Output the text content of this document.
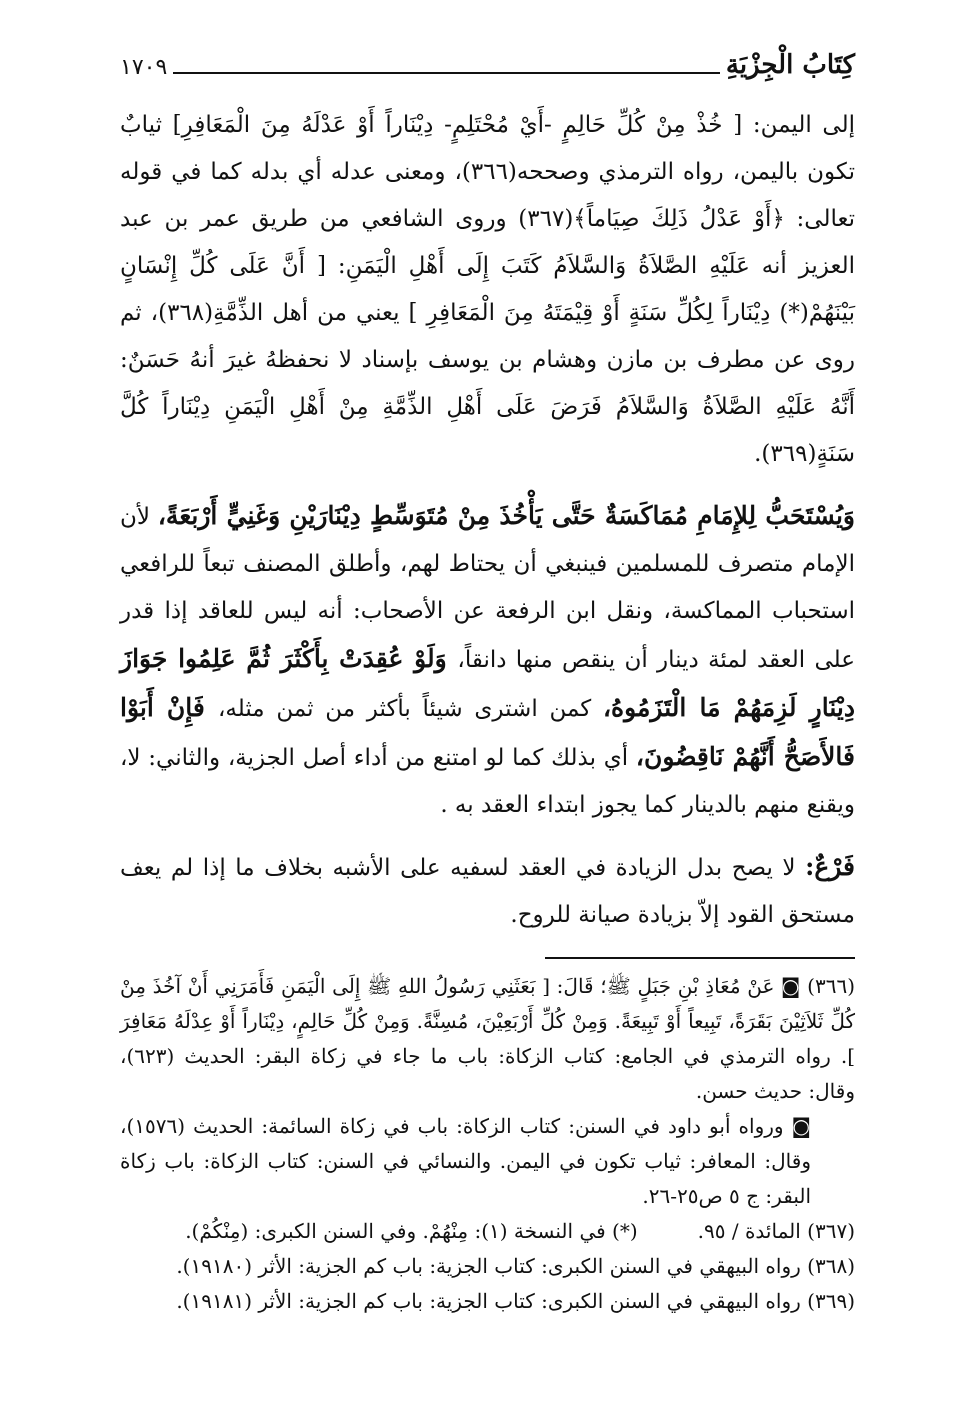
كِتَابُ الْجِزْيَةِ
١٧٠٩

إلى اليمن: [ خُذْ مِنْ كُلِّ حَالِمٍ -أَيْ مُحْتَلِمٍ- دِيْنَاراً أَوْ عَدْلَهُ مِنَ الْمَعَافِرِ] ثيابٌ تكون باليمن، رواه الترمذي وصححه(٣٦٦)، ومعنى عدله أي بدله كما في قوله تعالى: ﴿أَوْ عَدْلُ ذَلِكَ صِيَاماً﴾(٣٦٧) وروى الشافعي من طريق عمر بن عبد العزيز أنه عَلَيْهِ الصَّلاَةُ وَالسَّلاَمُ كَتَبَ إِلَى أَهْلِ الْيَمَنِ: [ أَنَّ عَلَى كُلِّ إِنْسَانٍ بَيْنَهُمْ(*) دِيْنَاراً لِكُلِّ سَنَةٍ أَوْ قِيْمَتَهُ مِنَ الْمَعَافِرِ ] يعني من أهل الذِّمَّةِ(٣٦٨)، ثم روى عن مطرف بن مازن وهشام بن يوسف بإسناد لا نحفظهُ غيرَ أنهُ حَسَنٌ: أَنَّهُ عَلَيْهِ الصَّلاَةُ وَالسَّلاَمُ فَرَضَ عَلَى أَهْلِ الذِّمَّةِ مِنْ أَهْلِ الْيَمَنِ دِيْنَاراً كُلَّ سَنَةٍ(٣٦٩).

وَيُسْتَحَبُّ لِلإِمَامِ مُمَاكَسَةٌ حَتَّى يَأْخُذَ مِنْ مُتَوَسِّطٍ دِيْنَارَيْنِ وَغَنِيٍّ أَرْبَعَةً، لأن الإمام متصرف للمسلمين فينبغي أن يحتاط لهم، وأطلق المصنف تبعاً للرافعي استحباب المماكسة، ونقل ابن الرفعة عن الأصحاب: أنه ليس للعاقد إذا قدر على العقد لمئة دينار أن ينقص منها دانقاً، وَلَوْ عُقِدَتْ بِأَكْثَرَ ثُمَّ عَلِمُوا جَوَازَ دِيْنَارٍ لَزِمَهُمْ مَا الْتَزَمُوهُ، كمن اشترى شيئاً بأكثر من ثمن مثله، فَإِنْ أَبَوْا فَالأَصَحُّ أَنَّهُمْ نَاقِضُونَ، أي بذلك كما لو امتنع من أداء أصل الجزية، والثاني: لا، ويقنع منهم بالدينار كما يجوز ابتداء العقد به .

فَرْعٌ: لا يصح بدل الزيادة في العقد لسفيه على الأشبه بخلاف ما إذا لم يعف مستحق القود إلاّ بزيادة صيانة للروح.

(٣٦٦) ◙ عَنْ مُعَاذِ بْنِ جَبَلٍ ﷺ؛ قَالَ: [ بَعَثَنِي رَسُولُ اللهِ ﷺ إِلَى الْيَمَنِ فَأَمَرَنِي أَنْ آخُذَ مِنْ كُلِّ ثَلاَثِيْنَ بَقَرَةً، تَبِيعاً أَوْ تَبِيعَةً. وَمِنْ كُلِّ أَرْبَعِيْنَ، مُسِنَّةً. وَمِنْ كُلِّ حَالِمٍ، دِيْنَاراً أَوْ عِدْلَهُ مَعَافِرَ ]. رواه الترمذي في الجامع: كتاب الزكاة: باب ما جاء في زكاة البقر: الحديث (٦٢٣)، وقال: حديث حسن.

◙ ورواه أبو داود في السنن: كتاب الزكاة: باب في زكاة السائمة: الحديث (١٥٧٦)، وقال: المعافر: ثياب تكون في اليمن. والنسائي في السنن: كتاب الزكاة: باب زكاة البقر: ج ٥ ص٢٥-٢٦.

(٣٦٧) المائدة / ٩٥.
(*) في النسخة (١): مِنْهُمْ. وفي السنن الكبرى: (مِنْكُمْ).

(٣٦٨) رواه البيهقي في السنن الكبرى: كتاب الجزية: باب كم الجزية: الأثر (١٩١٨٠).

(٣٦٩) رواه البيهقي في السنن الكبرى: كتاب الجزية: باب كم الجزية: الأثر (١٩١٨١).
